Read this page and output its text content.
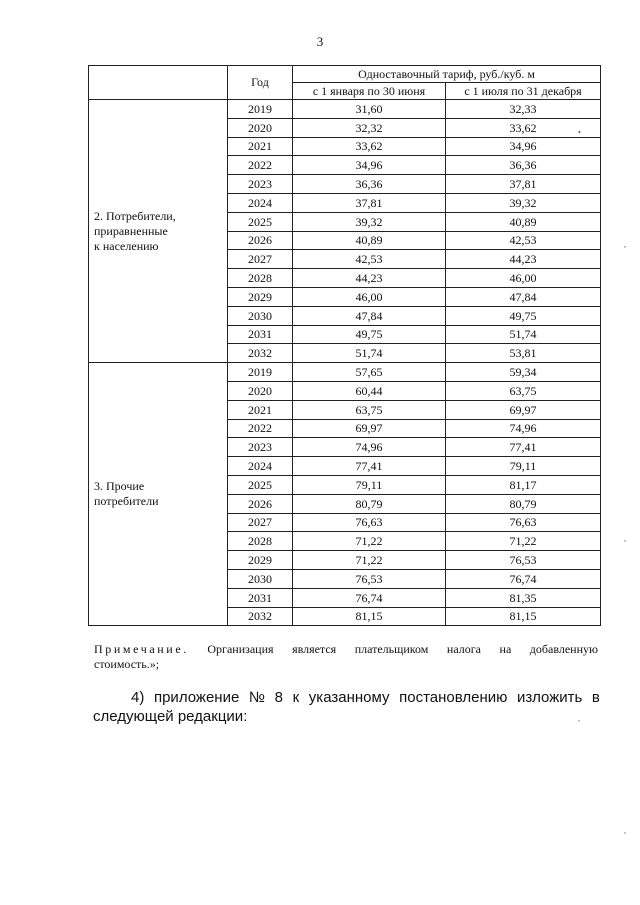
3
	Год	Одноставочный тариф, руб./куб. м	
		с 1 января по 30 июня	с 1 июля по 31 декабря

2. Потребители,
приравненные
к населению	2019	31,60	32,33
	2020	32,32	33,62
	2021	33,62	34,96
	2022	34,96	36,36
	2023	36,36	37,81
	2024	37,81	39,32
	2025	39,32	40,89
	2026	40,89	42,53
	2027	42,53	44,23
	2028	44,23	46,00
	2029	46,00	47,84
	2030	47,84	49,75
	2031	49,75	51,74
	2032	51,74	53,81

3. Прочие
потребители	2019	57,65	59,34
	2020	60,44	63,75
	2021	63,75	69,97
	2022	69,97	74,96
	2023	74,96	77,41
	2024	77,41	79,11
	2025	79,11	81,17
	2026	80,79	80,79
	2027	76,63	76,63
	2028	71,22	71,22
	2029	71,22	76,53
	2030	76,53	76,74
	2031	76,74	81,35
	2032	81,15	81,15
Примечание. Организация является плательщиком налога на добавленную
стоимость.»;
4) приложение № 8 к указанному постановлению изложить в
следующей редакции:
•
,
,
,
,
